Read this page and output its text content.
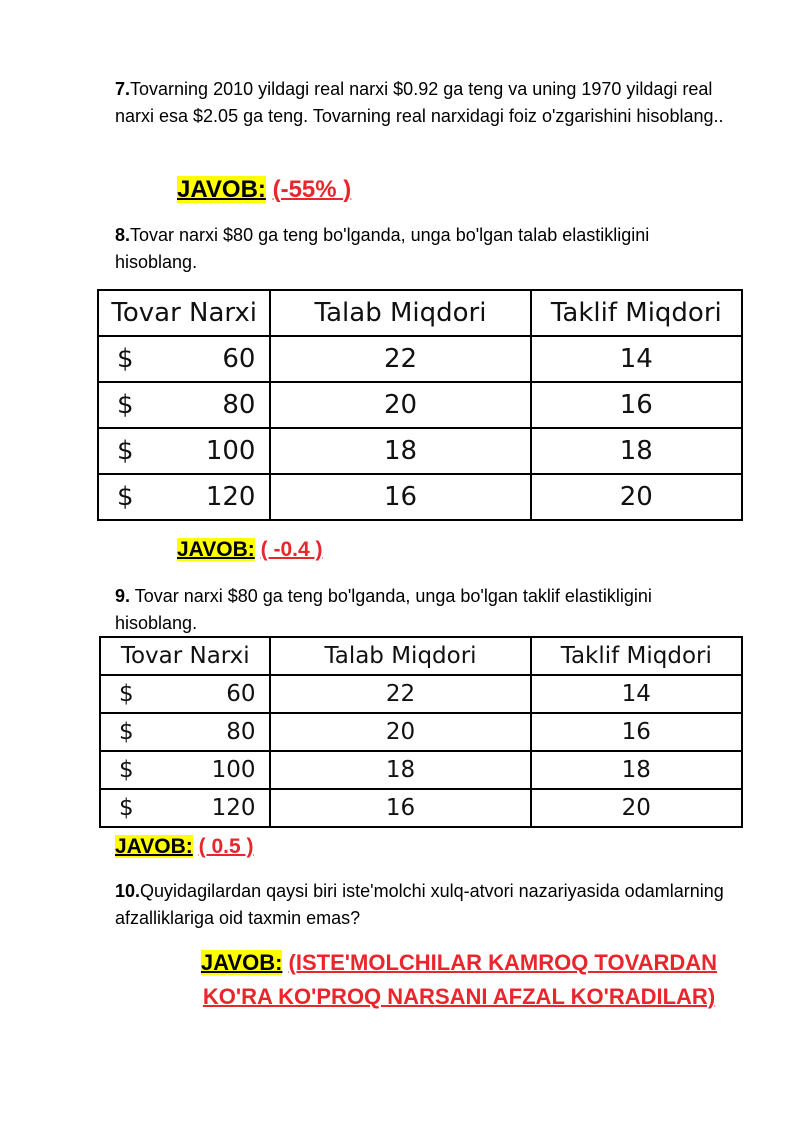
7.Tovarning 2010 yildagi real narxi $0.92 ga teng va uning 1970 yildagi real narxi esa $2.05 ga teng. Tovarning real narxidagi foiz o'zgarishini hisoblang..
JAVOB: (-55% )
8.Tovar narxi $80 ga teng bo'lganda, unga bo'lgan talab elastikligini hisoblang.
Tovar Narxi	Talab Miqdori	Taklif Miqdori

$ 60	22	14

$ 80	20	16

$ 100	18	18

$ 120	16	20
JAVOB: ( -0.4 )
9. Tovar narxi $80 ga teng bo'lganda, unga bo'lgan taklif elastikligini hisoblang.
Tovar Narxi	Talab Miqdori	Taklif Miqdori

$ 60	22	14

$ 80	20	16

$ 100	18	18

$ 120	16	20
JAVOB: ( 0.5 )
10.Quyidagilardan qaysi biri iste'molchi xulq-atvori nazariyasida odamlarning afzalliklariga oid taxmin emas?
JAVOB: (ISTE'MOLCHILAR KAMROQ TOVARDAN
KO'RA KO'PROQ NARSANI AFZAL KO'RADILAR)
